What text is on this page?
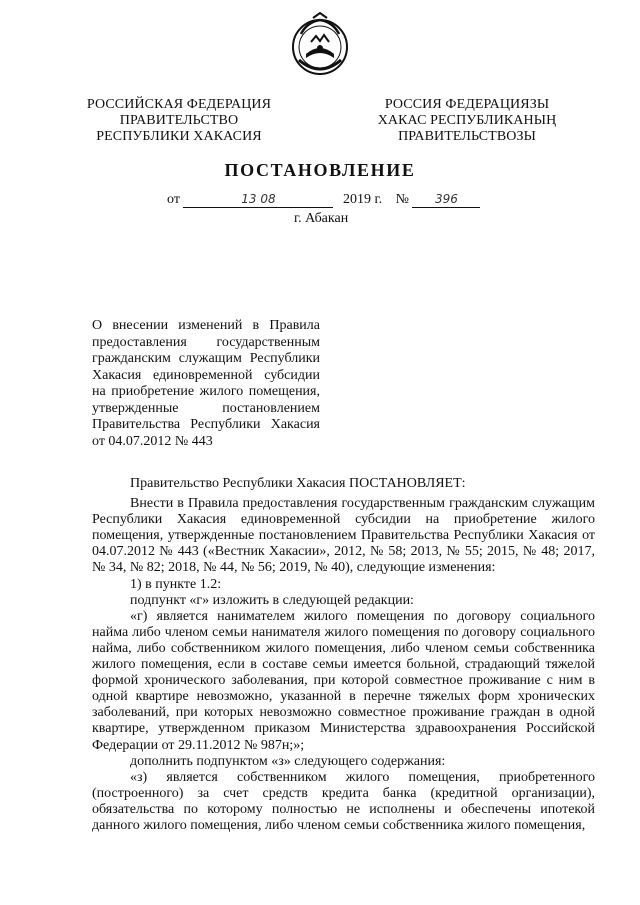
РОССИЙСКАЯ ФЕДЕРАЦИЯ
ПРАВИТЕЛЬСТВО
РЕСПУБЛИКИ ХАКАСИЯ
РОССИЯ ФЕДЕРАЦИЯЗЫ
ХАКАС РЕСПУБЛИКАНЫҢ
ПРАВИТЕЛЬСТВОЗЫ
ПОСТАНОВЛЕНИЕ
от	13 08	2019 г. № 396
г. Абакан
О внесении изменений в Правила
предоставления государственным
гражданским служащим Республики
Хакасия единовременной субсидии
на приобретение жилого помещения,
утвержденные постановлением
Правительства Республики Хакасия
от 04.07.2012 № 443

Правительство Республики Хакасия ПОСТАНОВЛЯЕТ:

Внести в Правила предоставления государственным гражданским служащим Республики Хакасия единовременной субсидии на приобретение жилого помещения, утвержденные постановлением Правительства Республики Хакасия от 04.07.2012 № 443 («Вестник Хакасии», 2012, № 58; 2013, № 55; 2015, № 48; 2017, № 34, № 82; 2018, № 44, № 56; 2019, № 40), следующие изменения:

1) в пункте 1.2:

подпункт «г» изложить в следующей редакции:

«г) является нанимателем жилого помещения по договору социального найма либо членом семьи нанимателя жилого помещения по договору социального найма, либо собственником жилого помещения, либо членом семьи собственника жилого помещения, если в составе семьи имеется больной, страдающий тяжелой формой хронического заболевания, при которой совместное проживание с ним в одной квартире невозможно, указанной в перечне тяжелых форм хронических заболеваний, при которых невозможно совместное проживание граждан в одной квартире, утвержденном приказом Министерства здравоохранения Российской Федерации от 29.11.2012 № 987н;»;

дополнить подпунктом «з» следующего содержания:

«з) является собственником жилого помещения, приобретенного (построенного) за счет средств кредита банка (кредитной организации), обязательства по которому полностью не исполнены и обеспечены ипотекой данного жилого помещения, либо членом семьи собственника жилого помещения,
